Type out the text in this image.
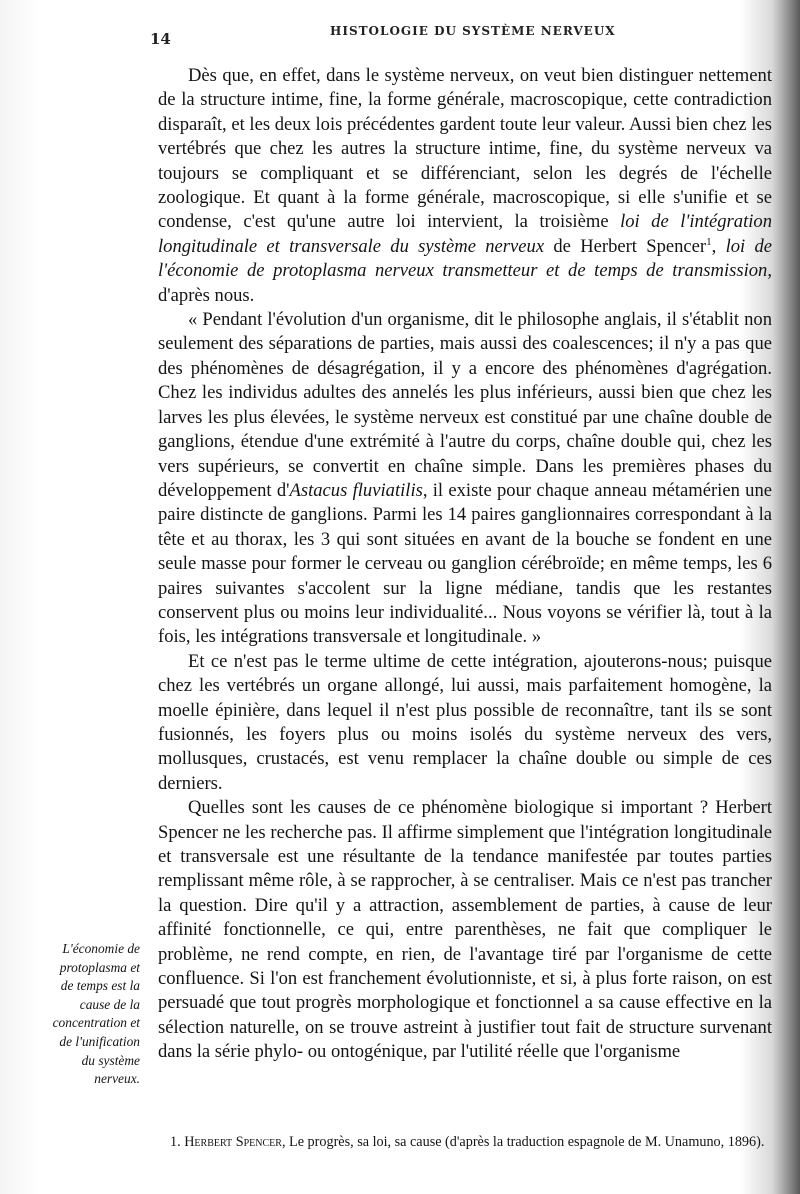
14	HISTOLOGIE DU SYSTÈME NERVEUX

Dès que, en effet, dans le système nerveux, on veut bien distinguer nettement de la structure intime, fine, la forme générale, macroscopique, cette contradiction disparaît, et les deux lois précédentes gardent toute leur valeur. Aussi bien chez les vertébrés que chez les autres la structure intime, fine, du système nerveux va toujours se compliquant et se différenciant, selon les degrés de l'échelle zoologique. Et quant à la forme générale, macroscopique, si elle s'unifie et se condense, c'est qu'une autre loi intervient, la troisième loi de l'intégration longitudinale et transversale du système nerveux de Herbert Spencer$^1$, loi de l'économie de protoplasma nerveux transmetteur et de temps de transmission, d'après nous.

« Pendant l'évolution d'un organisme, dit le philosophe anglais, il s'établit non seulement des séparations de parties, mais aussi des coalescences; il n'y a pas que des phénomènes de désagrégation, il y a encore des phénomènes d'agrégation. Chez les individus adultes des annelés les plus inférieurs, aussi bien que chez les larves les plus élevées, le système nerveux est constitué par une chaîne double de ganglions, étendue d'une extrémité à l'autre du corps, chaîne double qui, chez les vers supérieurs, se convertit en chaîne simple. Dans les premières phases du développement d'Astacus fluviatilis, il existe pour chaque anneau métamérien une paire distincte de ganglions. Parmi les 14 paires ganglionnaires correspondant à la tête et au thorax, les 3 qui sont situées en avant de la bouche se fondent en une seule masse pour former le cerveau ou ganglion cérébroïde; en même temps, les 6 paires suivantes s'accolent sur la ligne médiane, tandis que les restantes conservent plus ou moins leur individualité... Nous voyons se vérifier là, tout à la fois, les intégrations transversale et longitudinale. »

Et ce n'est pas le terme ultime de cette intégration, ajouterons-nous; puisque chez les vertébrés un organe allongé, lui aussi, mais parfaitement homogène, la moelle épinière, dans lequel il n'est plus possible de reconnaître, tant ils se sont fusionnés, les foyers plus ou moins isolés du système nerveux des vers, mollusques, crustacés, est venu remplacer la chaîne double ou simple de ces derniers.

Quelles sont les causes de ce phénomène biologique si important ? Herbert Spencer ne les recherche pas. Il affirme simplement que l'intégration longitudinale et transversale est une résultante de la tendance manifestée par toutes parties remplissant même rôle, à se rapprocher, à se centraliser. Mais ce n'est pas trancher la question. Dire qu'il y a attraction, assemblement de parties, à cause de leur affinité fonctionnelle, ce qui, entre parenthèses, ne fait que compliquer le problème, ne rend compte, en rien, de l'avantage tiré par l'organisme de cette confluence. Si l'on est franchement évolutionniste, et si, à plus forte raison, on est persuadé que tout progrès morphologique et fonctionnel a sa cause effective en la sélection naturelle, on se trouve astreint à justifier tout fait de structure survenant dans la série phylo- ou ontogénique, par l'utilité réelle que l'organisme

L'économie de protoplasma et de temps est la cause de la concentration et de l'unification du système nerveux.
1. Herbert Spencer, Le progrès, sa loi, sa cause (d'après la traduction espagnole de M. Unamuno, 1896).
